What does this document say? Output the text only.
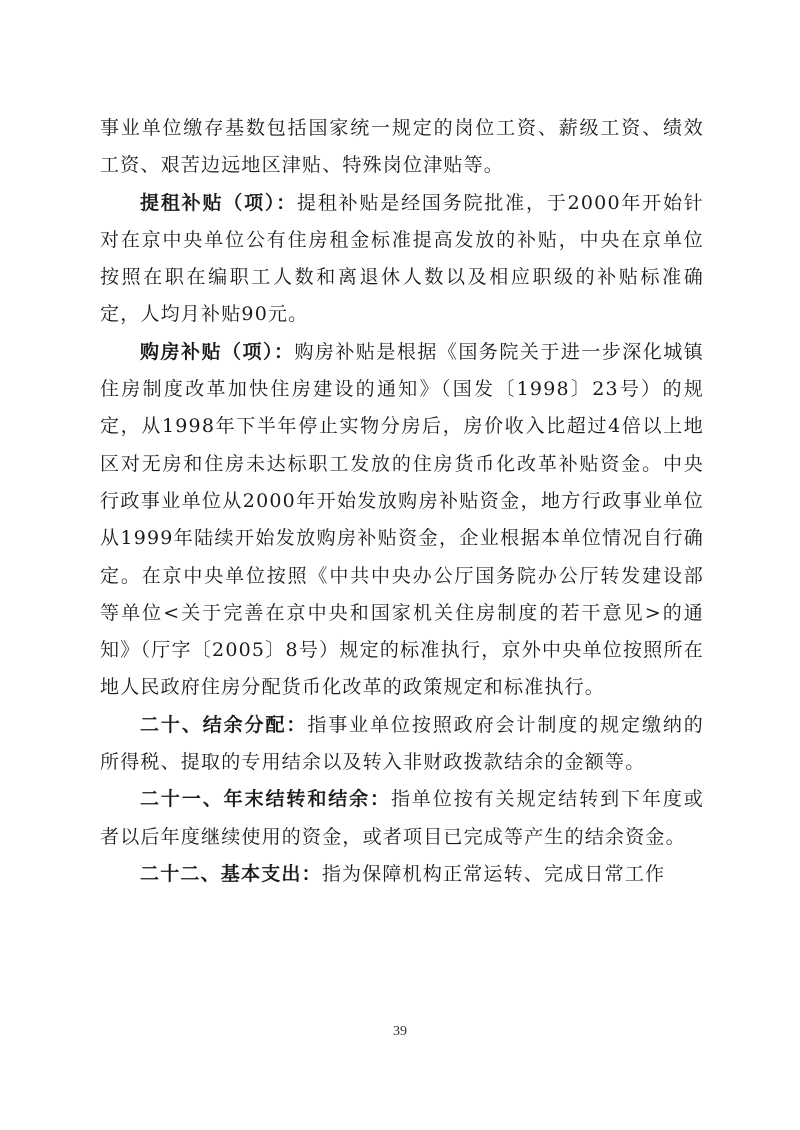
事业单位缴存基数包括国家统一规定的岗位工资、薪级工资、绩效工资、艰苦边远地区津贴、特殊岗位津贴等。

提租补贴（项）：提租补贴是经国务院批准，于2000年开始针对在京中央单位公有住房租金标准提高发放的补贴，中央在京单位按照在职在编职工人数和离退休人数以及相应职级的补贴标准确定，人均月补贴90元。

购房补贴（项）：购房补贴是根据《国务院关于进一步深化城镇住房制度改革加快住房建设的通知》（国发〔1998〕23号）的规定，从1998年下半年停止实物分房后，房价收入比超过4倍以上地区对无房和住房未达标职工发放的住房货币化改革补贴资金。中央行政事业单位从2000年开始发放购房补贴资金，地方行政事业单位从1999年陆续开始发放购房补贴资金，企业根据本单位情况自行确定。在京中央单位按照《中共中央办公厅国务院办公厅转发建设部等单位<关于完善在京中央和国家机关住房制度的若干意见>的通知》（厅字〔2005〕8号）规定的标准执行，京外中央单位按照所在地人民政府住房分配货币化改革的政策规定和标准执行。

二十、结余分配：指事业单位按照政府会计制度的规定缴纳的所得税、提取的专用结余以及转入非财政拨款结余的金额等。

二十一、年末结转和结余：指单位按有关规定结转到下年度或者以后年度继续使用的资金，或者项目已完成等产生的结余资金。

二十二、基本支出：指为保障机构正常运转、完成日常工作

39
